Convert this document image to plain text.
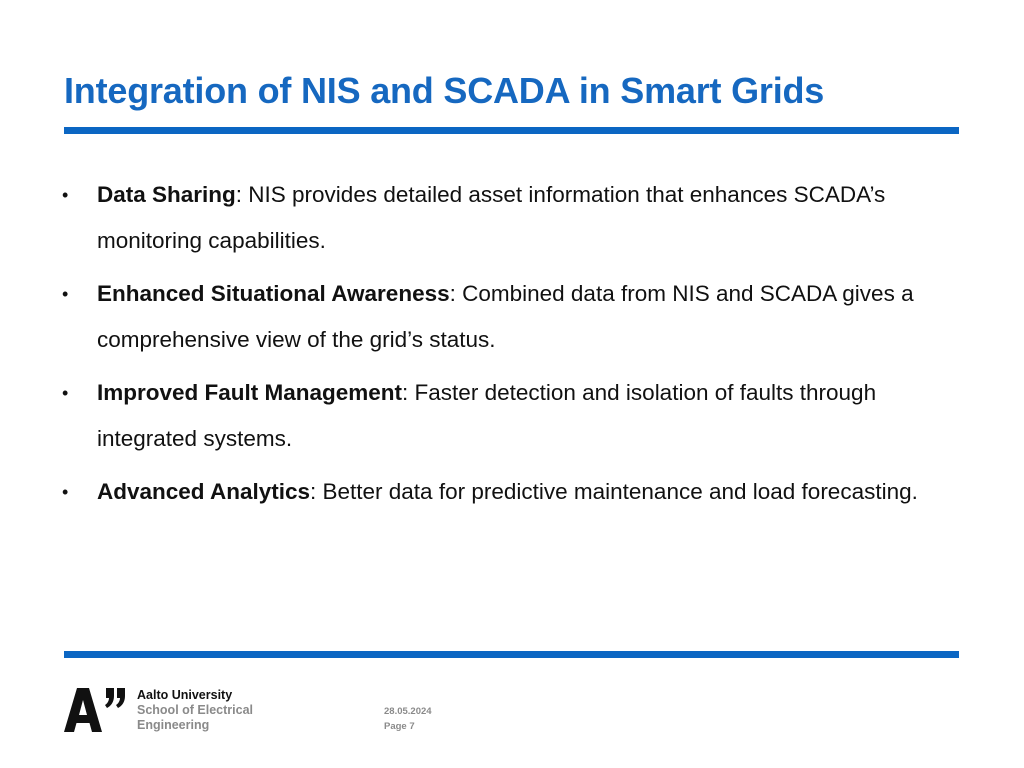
Integration of NIS and SCADA in Smart Grids
• Data Sharing: NIS provides detailed asset information that enhances SCADA’s monitoring capabilities.
• Enhanced Situational Awareness: Combined data from NIS and SCADA gives a comprehensive view of the grid’s status.
• Improved Fault Management: Faster detection and isolation of faults through integrated systems.
• Advanced Analytics: Better data for predictive maintenance and load forecasting.
Aalto University
School of Electrical
Engineering
28.05.2024
Page 7
